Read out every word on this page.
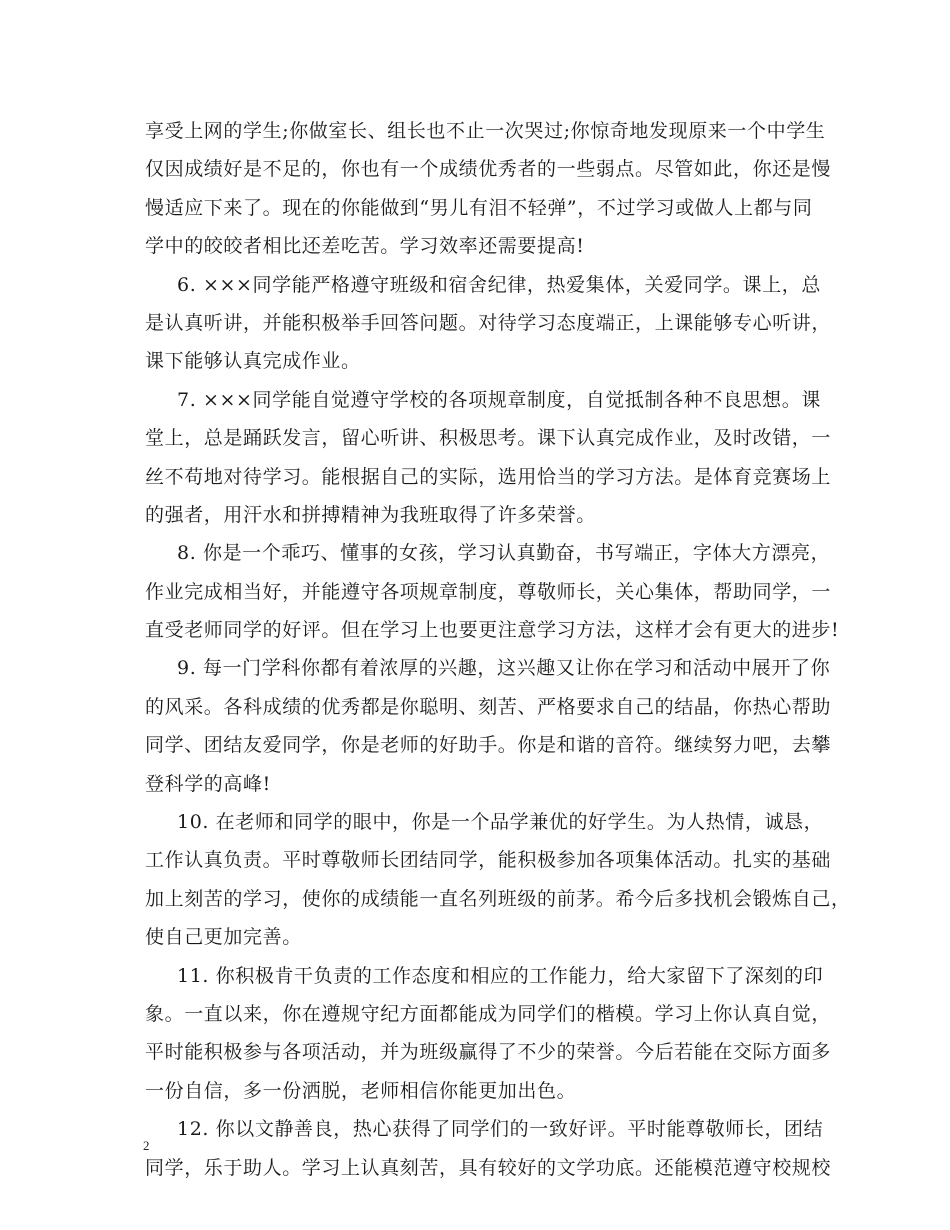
享受上网的学生;你做室长、组长也不止一次哭过;你惊奇地发现原来一个中学生
仅因成绩好是不足的，你也有一个成绩优秀者的一些弱点。尽管如此，你还是慢
慢适应下来了。现在的你能做到“男儿有泪不轻弹”，不过学习或做人上都与同
学中的皎皎者相比还差吃苦。学习效率还需要提高!
6. ×××同学能严格遵守班级和宿舍纪律，热爱集体，关爱同学。课上，总
是认真听讲，并能积极举手回答问题。对待学习态度端正，上课能够专心听讲，
课下能够认真完成作业。
7. ×××同学能自觉遵守学校的各项规章制度，自觉抵制各种不良思想。课
堂上，总是踊跃发言，留心听讲、积极思考。课下认真完成作业，及时改错，一
丝不苟地对待学习。能根据自己的实际，选用恰当的学习方法。是体育竞赛场上
的强者，用汗水和拼搏精神为我班取得了许多荣誉。
8. 你是一个乖巧、懂事的女孩，学习认真勤奋，书写端正，字体大方漂亮，
作业完成相当好，并能遵守各项规章制度，尊敬师长，关心集体，帮助同学，一
直受老师同学的好评。但在学习上也要更注意学习方法，这样才会有更大的进步!
9. 每一门学科你都有着浓厚的兴趣，这兴趣又让你在学习和活动中展开了你
的风采。各科成绩的优秀都是你聪明、刻苦、严格要求自己的结晶，你热心帮助
同学、团结友爱同学，你是老师的好助手。你是和谐的音符。继续努力吧，去攀
登科学的高峰!
10. 在老师和同学的眼中，你是一个品学兼优的好学生。为人热情，诚恳，
工作认真负责。平时尊敬师长团结同学，能积极参加各项集体活动。扎实的基础
加上刻苦的学习，使你的成绩能一直名列班级的前茅。希今后多找机会锻炼自己，
使自己更加完善。
11. 你积极肯干负责的工作态度和相应的工作能力，给大家留下了深刻的印
象。一直以来，你在遵规守纪方面都能成为同学们的楷模。学习上你认真自觉，
平时能积极参与各项活动，并为班级赢得了不少的荣誉。今后若能在交际方面多
一份自信，多一份洒脱，老师相信你能更加出色。
12. 你以文静善良，热心获得了同学们的一致好评。平时能尊敬师长，团结
同学，乐于助人。学习上认真刻苦，具有较好的文学功底。还能模范遵守校规校
2
